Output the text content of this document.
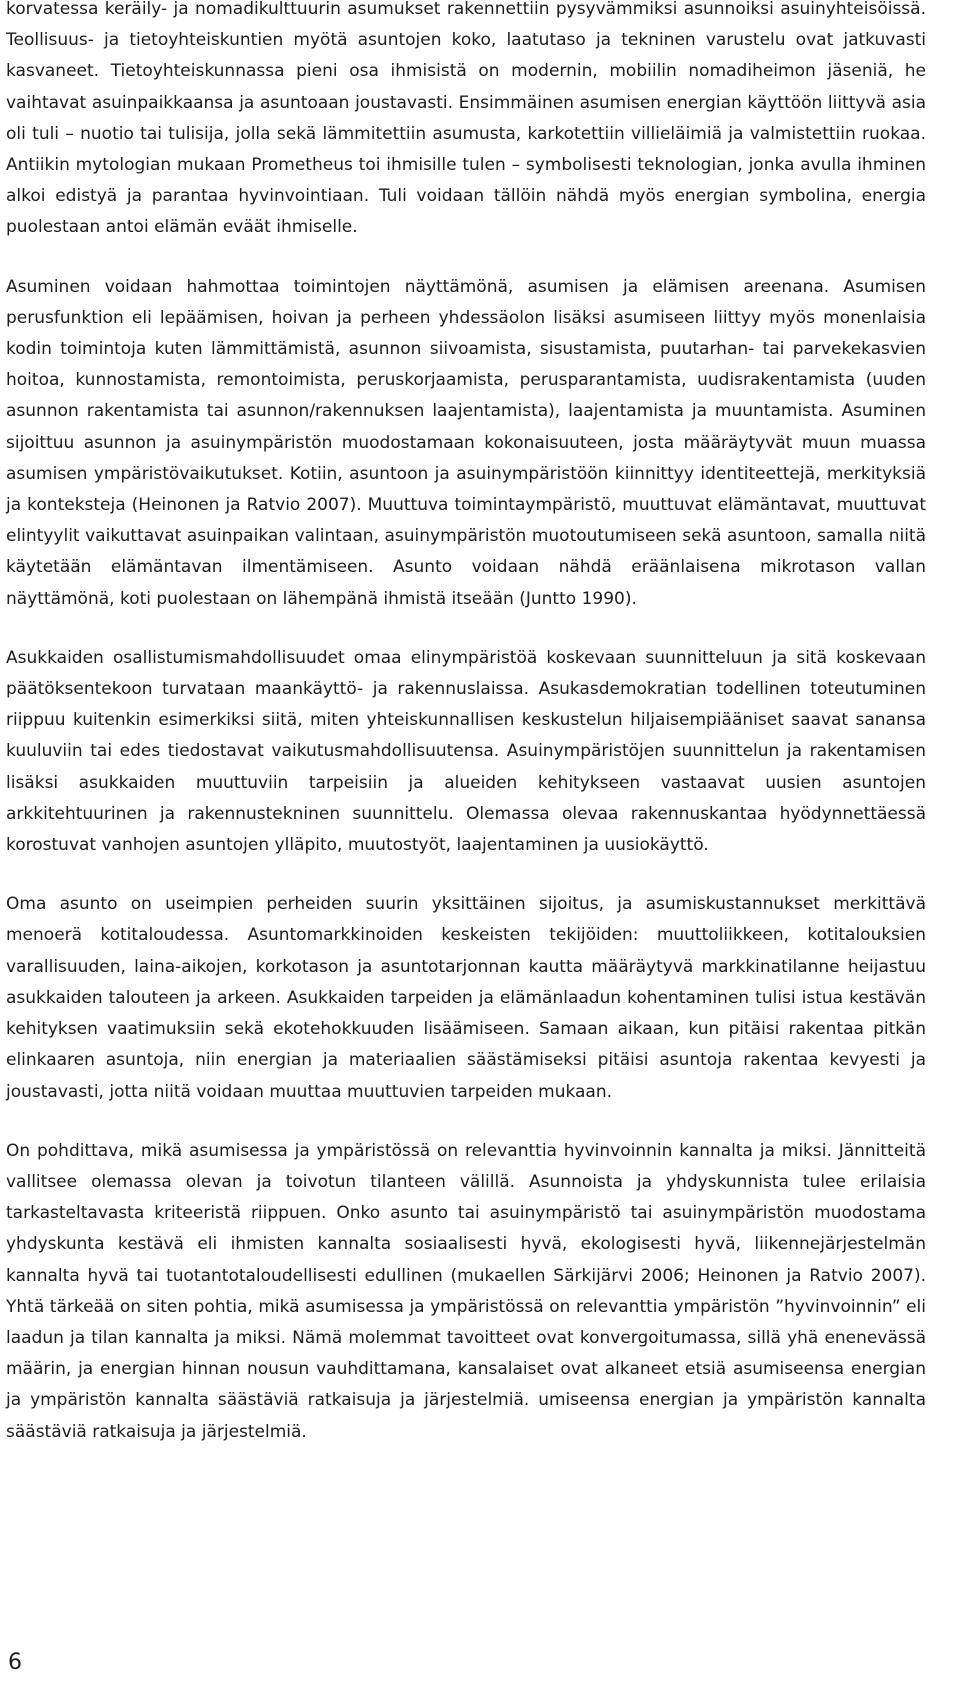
korvatessa keräily- ja nomadikulttuurin asumukset rakennettiin pysyvämmiksi asunnoiksi asuinyhteisöissä. Teollisuus- ja tietoyhteiskuntien myötä asuntojen koko, laatutaso ja tekninen varustelu ovat jatkuvasti kasvaneet. Tietoyhteiskunnassa pieni osa ihmisistä on modernin, mobiilin nomadiheimon jäseniä, he vaihtavat asuinpaikkaansa ja asuntoaan joustavasti. Ensimmäinen asumisen energian käyttöön liittyvä asia oli tuli – nuotio tai tulisija, jolla sekä lämmitettiin asumusta, karkotettiin villieläimiä ja valmistettiin ruokaa. Antiikin mytologian mukaan Prometheus toi ihmisille tulen – symbolisesti teknologian, jonka avulla ihminen alkoi edistyä ja parantaa hyvinvointiaan. Tuli voidaan tällöin nähdä myös energian symbolina, energia puolestaan antoi elämän eväät ihmiselle.

Asuminen voidaan hahmottaa toimintojen näyttämönä, asumisen ja elämisen areenana. Asumisen perusfunktion eli lepäämisen, hoivan ja perheen yhdessäolon lisäksi asumiseen liittyy myös monenlaisia kodin toimintoja kuten lämmittämistä, asunnon siivoamista, sisustamista, puutarhan- tai parvekekasvien hoitoa, kunnostamista, remontoimista, peruskorjaamista, perusparantamista, uudisrakentamista (uuden asunnon rakentamista tai asunnon/rakennuksen laajentamista), laajentamista ja muuntamista. Asuminen sijoittuu asunnon ja asuinympäristön muodostamaan kokonaisuuteen, josta määräytyvät muun muassa asumisen ympäristövaikutukset. Kotiin, asuntoon ja asuinympäristöön kiinnittyy identiteettejä, merkityksiä ja konteksteja (Heinonen ja Ratvio 2007). Muuttuva toimintaympäristö, muuttuvat elämäntavat, muuttuvat elintyylit vaikuttavat asuinpaikan valintaan, asuinympäristön muotoutumiseen sekä asuntoon, samalla niitä käytetään elämäntavan ilmentämiseen. Asunto voidaan nähdä eräänlaisena mikrotason vallan näyttämönä, koti puolestaan on lähempänä ihmistä itseään (Juntto 1990).

Asukkaiden osallistumismahdollisuudet omaa elinympäristöä koskevaan suunnitteluun ja sitä koskevaan päätöksentekoon turvataan maankäyttö- ja rakennuslaissa. Asukasdemokratian todellinen toteutuminen riippuu kuitenkin esimerkiksi siitä, miten yhteiskunnallisen keskustelun hiljaisempiääniset saavat sanansa kuuluviin tai edes tiedostavat vaikutusmahdollisuutensa. Asuinympäristöjen suunnittelun ja rakentamisen lisäksi asukkaiden muuttuviin tarpeisiin ja alueiden kehitykseen vastaavat uusien asuntojen arkkitehtuurinen ja rakennustekninen suunnittelu. Olemassa olevaa rakennuskantaa hyödynnettäessä korostuvat vanhojen asuntojen ylläpito, muutostyöt, laajentaminen ja uusiokäyttö.

Oma asunto on useimpien perheiden suurin yksittäinen sijoitus, ja asumiskustannukset merkittävä menoerä kotitaloudessa. Asuntomarkkinoiden keskeisten tekijöiden: muuttoliikkeen, kotitalouksien varallisuuden, laina-aikojen, korkotason ja asuntotarjonnan kautta määräytyvä markkinatilanne heijastuu asukkaiden talouteen ja arkeen. Asukkaiden tarpeiden ja elämänlaadun kohentaminen tulisi istua kestävän kehityksen vaatimuksiin sekä ekotehokkuuden lisäämiseen. Samaan aikaan, kun pitäisi rakentaa pitkän elinkaaren asuntoja, niin energian ja materiaalien säästämiseksi pitäisi asuntoja rakentaa kevyesti ja joustavasti, jotta niitä voidaan muuttaa muuttuvien tarpeiden mukaan.

On pohdittava, mikä asumisessa ja ympäristössä on relevanttia hyvinvoinnin kannalta ja miksi. Jännitteitä vallitsee olemassa olevan ja toivotun tilanteen välillä. Asunnoista ja yhdyskunnista tulee erilaisia tarkasteltavasta kriteeristä riippuen. Onko asunto tai asuinympäristö tai asuinympäristön muodostama yhdyskunta kestävä eli ihmisten kannalta sosiaalisesti hyvä, ekologisesti hyvä, liikennejärjestelmän kannalta hyvä tai tuotantotaloudellisesti edullinen (mukaellen Särkijärvi 2006; Heinonen ja Ratvio 2007). Yhtä tärkeää on siten pohtia, mikä asumisessa ja ympäristössä on relevanttia ympäristön ”hyvinvoinnin” eli laadun ja tilan kannalta ja miksi. Nämä molemmat tavoitteet ovat konvergoitumassa, sillä yhä enenevässä määrin, ja energian hinnan nousun vauhdittamana, kansalaiset ovat alkaneet etsiä asumiseensa energian ja ympäristön kannalta säästäviä ratkaisuja ja järjestelmiä. umiseensa energian ja ympäristön kannalta säästäviä ratkaisuja ja järjestelmiä.

6
